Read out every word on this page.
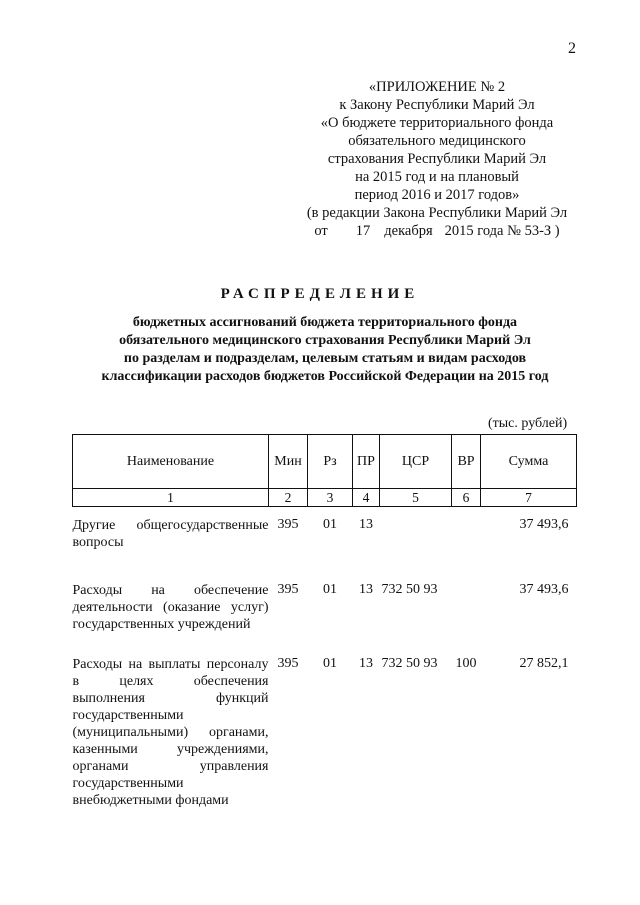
2
«ПРИЛОЖЕНИЕ № 2
к Закону Республики Марий Эл
«О бюджете территориального фонда
обязательного медицинского
страхования Республики Марий Эл
на 2015 год и на плановый
период 2016 и 2017 годов»
(в редакции Закона Республики Марий Эл
от 17 декабря 2015 года № 53-З )
РАСПРЕДЕЛЕНИЕ
бюджетных ассигнований бюджета территориального фонда
обязательного медицинского страхования Республики Марий Эл
по разделам и подразделам, целевым статьям и видам расходов
классификации расходов бюджетов Российской Федерации на 2015 год
(тыс. рублей)
Наименование	Мин	Рз	ПР	ЦСР	ВР	Сумма
1	2	3	4	5	6	7
Другие общегосударственные вопросы	395	01	13			37 493,6
Расходы на обеспечение деятельности (оказание услуг) государственных учреждений	395	01	13	732 50 93		37 493,6
Расходы на выплаты персоналу в целях обеспечения выполнения функций государственными (муниципальными) органами, казенными учреждениями, органами управления государственными внебюджетными фондами	395	01	13	732 50 93	100	27 852,1
